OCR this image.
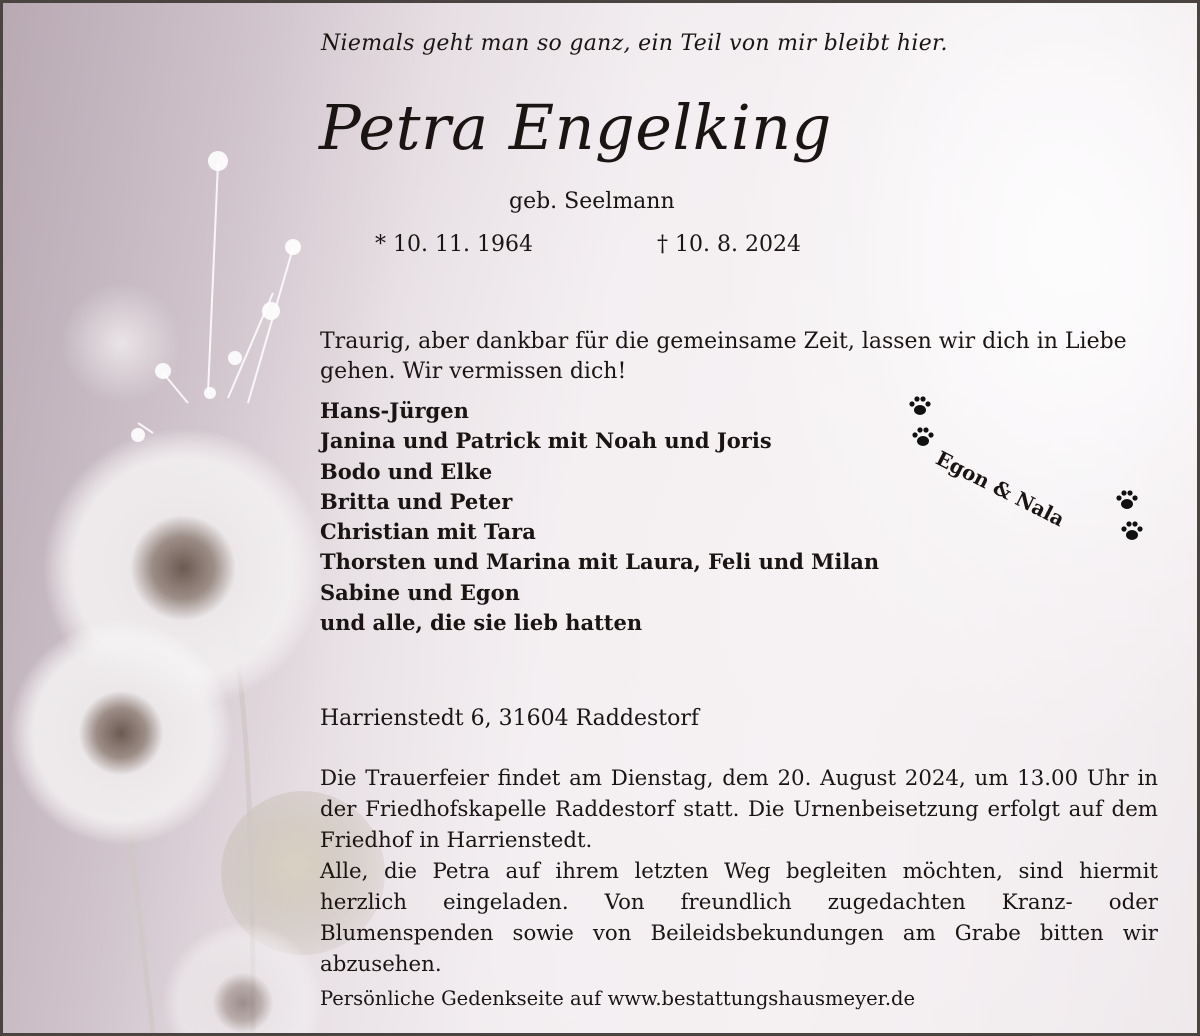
Niemals geht man so ganz, ein Teil von mir bleibt hier.
Petra Engelking
geb. Seelmann
* 10. 11. 1964	† 10. 8. 2024
Traurig, aber dankbar für die gemeinsame Zeit, lassen wir dich in Liebe gehen. Wir vermissen dich!
Hans-Jürgen
Janina und Patrick mit Noah und Joris
Bodo und Elke
Britta und Peter
Christian mit Tara
Thorsten und Marina mit Laura, Feli und Milan
Sabine und Egon
und alle, die sie lieb hatten
Egon & Nala
Harrienstedt 6, 31604 Raddestorf

Die Trauerfeier findet am Dienstag, dem 20. August 2024, um 13.00 Uhr in der Friedhofskapelle Raddestorf statt. Die Urnenbeisetzung erfolgt auf dem Friedhof in Harrienstedt.

Alle, die Petra auf ihrem letzten Weg begleiten möchten, sind hiermit herzlich eingeladen. Von freundlich zugedachten Kranz- oder Blumenspenden sowie von Beileidsbekundungen am Grabe bitten wir abzusehen.

Persönliche Gedenkseite auf www.bestattungshausmeyer.de
